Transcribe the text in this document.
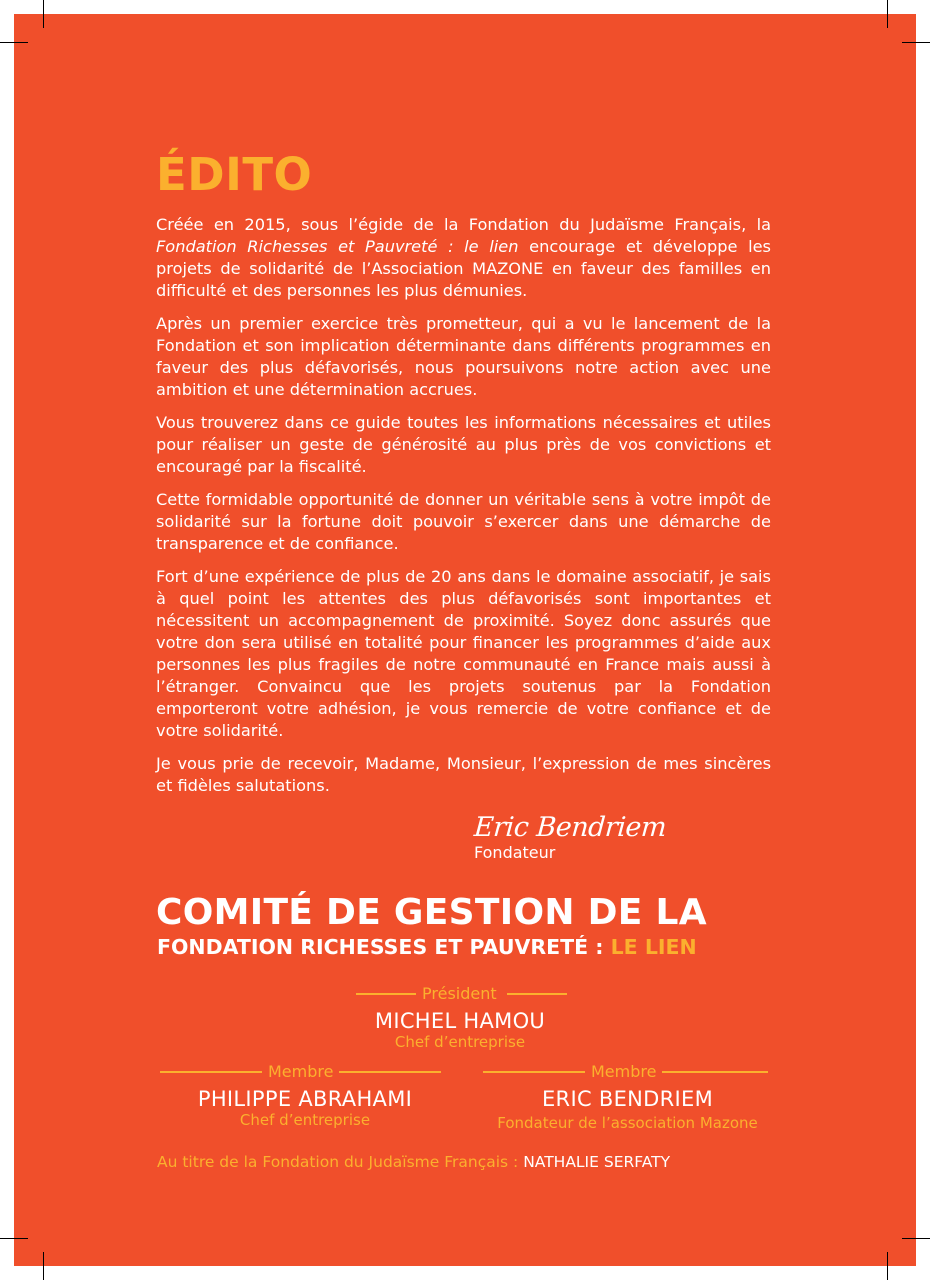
ÉDITO

Créée en 2015, sous l’égide de la Fondation du Judaïsme Français, la Fondation Richesses et Pauvreté : le lien encourage et développe les projets de solidarité de l’Association MAZONE en faveur des familles en difficulté et des personnes les plus démunies.

Après un premier exercice très prometteur, qui a vu le lancement de la Fondation et son implication déterminante dans différents programmes en faveur des plus défavorisés, nous poursuivons notre action avec une ambition et une détermination accrues.

Vous trouverez dans ce guide toutes les informations nécessaires et utiles pour réaliser un geste de générosité au plus près de vos convictions et encouragé par la fiscalité.

Cette formidable opportunité de donner un véritable sens à votre impôt de solidarité sur la fortune doit pouvoir s’exercer dans une démarche de transparence et de confiance.

Fort d’une expérience de plus de 20 ans dans le domaine associatif, je sais à quel point les attentes des plus défavorisés sont importantes et nécessitent un accompagnement de proximité. Soyez donc assurés que votre don sera utilisé en totalité pour financer les programmes d’aide aux personnes les plus fragiles de notre communauté en France mais aussi à l’étranger. Convaincu que les projets soutenus par la Fondation emporteront votre adhésion, je vous remercie de votre confiance et de votre solidarité.

Je vous prie de recevoir, Madame, Monsieur, l’expression de mes sincères et fidèles salutations.

Eric Bendriem
Fondateur
COMITÉ DE GESTION DE LA
FONDATION RICHESSES ET PAUVRETÉ : LE LIEN
Président
MICHEL HAMOU
Chef d’entreprise
Membre
PHILIPPE ABRAHAMI
Chef d’entreprise
Membre
ERIC BENDRIEM
Fondateur de l’association Mazone
Au titre de la Fondation du Judaïsme Français : NATHALIE SERFATY
